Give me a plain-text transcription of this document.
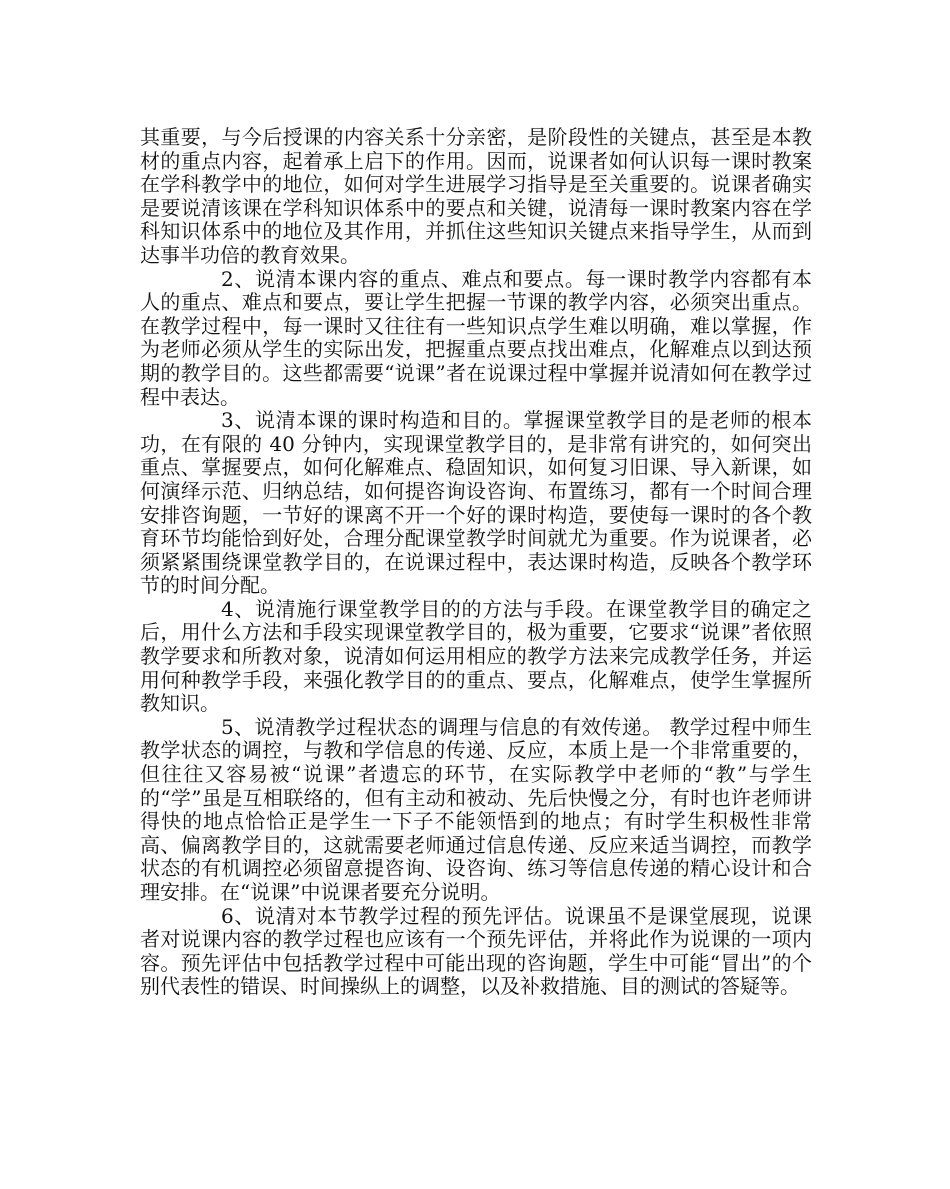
其重要，与今后授课的内容关系十分亲密，是阶段性的关键点，甚至是本教材的重点内容，起着承上启下的作用。因而，说课者如何认识每一课时教案在学科教学中的地位，如何对学生进展学习指导是至关重要的。说课者确实是要说清该课在学科知识体系中的要点和关键，说清每一课时教案内容在学科知识体系中的地位及其作用，并抓住这些知识关键点来指导学生，从而到达事半功倍的教育效果。

2、说清本课内容的重点、难点和要点。每一课时教学内容都有本人的重点、难点和要点，要让学生把握一节课的教学内容，必须突出重点。在教学过程中，每一课时又往往有一些知识点学生难以明确，难以掌握，作为老师必须从学生的实际出发，把握重点要点找出难点，化解难点以到达预期的教学目的。这些都需要“说课”者在说课过程中掌握并说清如何在教学过程中表达。

3、说清本课的课时构造和目的。掌握课堂教学目的是老师的根本功，在有限的 40 分钟内，实现课堂教学目的，是非常有讲究的，如何突出重点、掌握要点，如何化解难点、稳固知识，如何复习旧课、导入新课，如何演绎示范、归纳总结，如何提咨询设咨询、布置练习，都有一个时间合理安排咨询题，一节好的课离不开一个好的课时构造，要使每一课时的各个教育环节均能恰到好处，合理分配课堂教学时间就尤为重要。作为说课者，必须紧紧围绕课堂教学目的，在说课过程中，表达课时构造，反映各个教学环节的时间分配。

4、说清施行课堂教学目的的方法与手段。在课堂教学目的确定之后，用什么方法和手段实现课堂教学目的，极为重要，它要求“说课”者依照教学要求和所教对象，说清如何运用相应的教学方法来完成教学任务，并运用何种教学手段，来强化教学目的的重点、要点，化解难点，使学生掌握所教知识。

5、说清教学过程状态的调理与信息的有效传递。 教学过程中师生教学状态的调控，与教和学信息的传递、反应，本质上是一个非常重要的，但往往又容易被“说课”者遗忘的环节，在实际教学中老师的“教”与学生的“学”虽是互相联络的，但有主动和被动、先后快慢之分，有时也许老师讲得快的地点恰恰正是学生一下子不能领悟到的地点；有时学生积极性非常高、偏离教学目的，这就需要老师通过信息传递、反应来适当调控，而教学状态的有机调控必须留意提咨询、设咨询、练习等信息传递的精心设计和合理安排。在“说课”中说课者要充分说明。

6、说清对本节教学过程的预先评估。说课虽不是课堂展现，说课者对说课内容的教学过程也应该有一个预先评估，并将此作为说课的一项内容。预先评估中包括教学过程中可能出现的咨询题，学生中可能“冒出”的个别代表性的错误、时间操纵上的调整，以及补救措施、目的测试的答疑等。
